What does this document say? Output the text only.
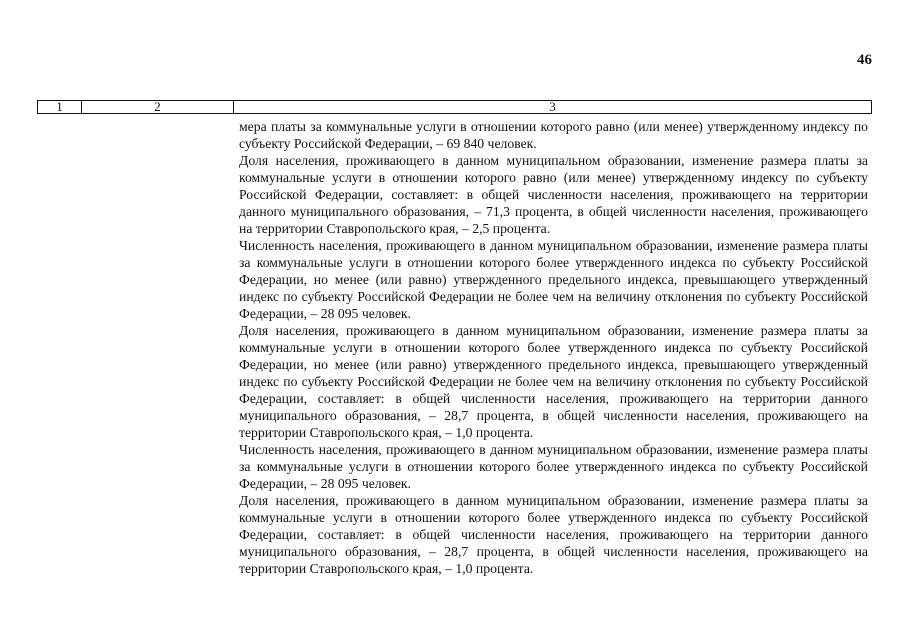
46
1	2	3

мера платы за коммунальные услуги в отношении которого равно (или менее) утвержденному индексу по субъекту Российской Федерации, – 69 840 человек.

Доля населения, проживающего в данном муниципальном образовании, изменение размера платы за коммунальные услуги в отношении которого равно (или менее) утвержденному индексу по субъекту Российской Федерации, составляет: в общей численности населения, проживающего на территории данного муниципального образования, – 71,3 процента, в общей численности населения, проживающего на территории Ставропольского края, – 2,5 процента.

Численность населения, проживающего в данном муниципальном образовании, изменение размера платы за коммунальные услуги в отношении которого более утвержденного индекса по субъекту Российской Федерации, но менее (или равно) утвержденного предельного индекса, превышающего утвержденный индекс по субъекту Российской Федерации не более чем на величину отклонения по субъекту Российской Федерации, – 28 095 человек.

Доля населения, проживающего в данном муниципальном образовании, изменение размера платы за коммунальные услуги в отношении которого более утвержденного индекса по субъекту Российской Федерации, но менее (или равно) утвержденного предельного индекса, превышающего утвержденный индекс по субъекту Российской Федерации не более чем на величину отклонения по субъекту Российской Федерации, составляет: в общей численности населения, проживающего на территории данного муниципального образования, – 28,7 процента, в общей численности населения, проживающего на территории Ставропольского края, – 1,0 процента.

Численность населения, проживающего в данном муниципальном образовании, изменение размера платы за коммунальные услуги в отношении которого более утвержденного индекса по субъекту Российской Федерации, – 28 095 человек.

Доля населения, проживающего в данном муниципальном образовании, изменение размера платы за коммунальные услуги в отношении которого более утвержденного индекса по субъекту Российской Федерации, составляет: в общей численности населения, проживающего на территории данного муниципального образования, – 28,7 процента, в общей численности населения, проживающего на территории Ставропольского края, – 1,0 процента.
